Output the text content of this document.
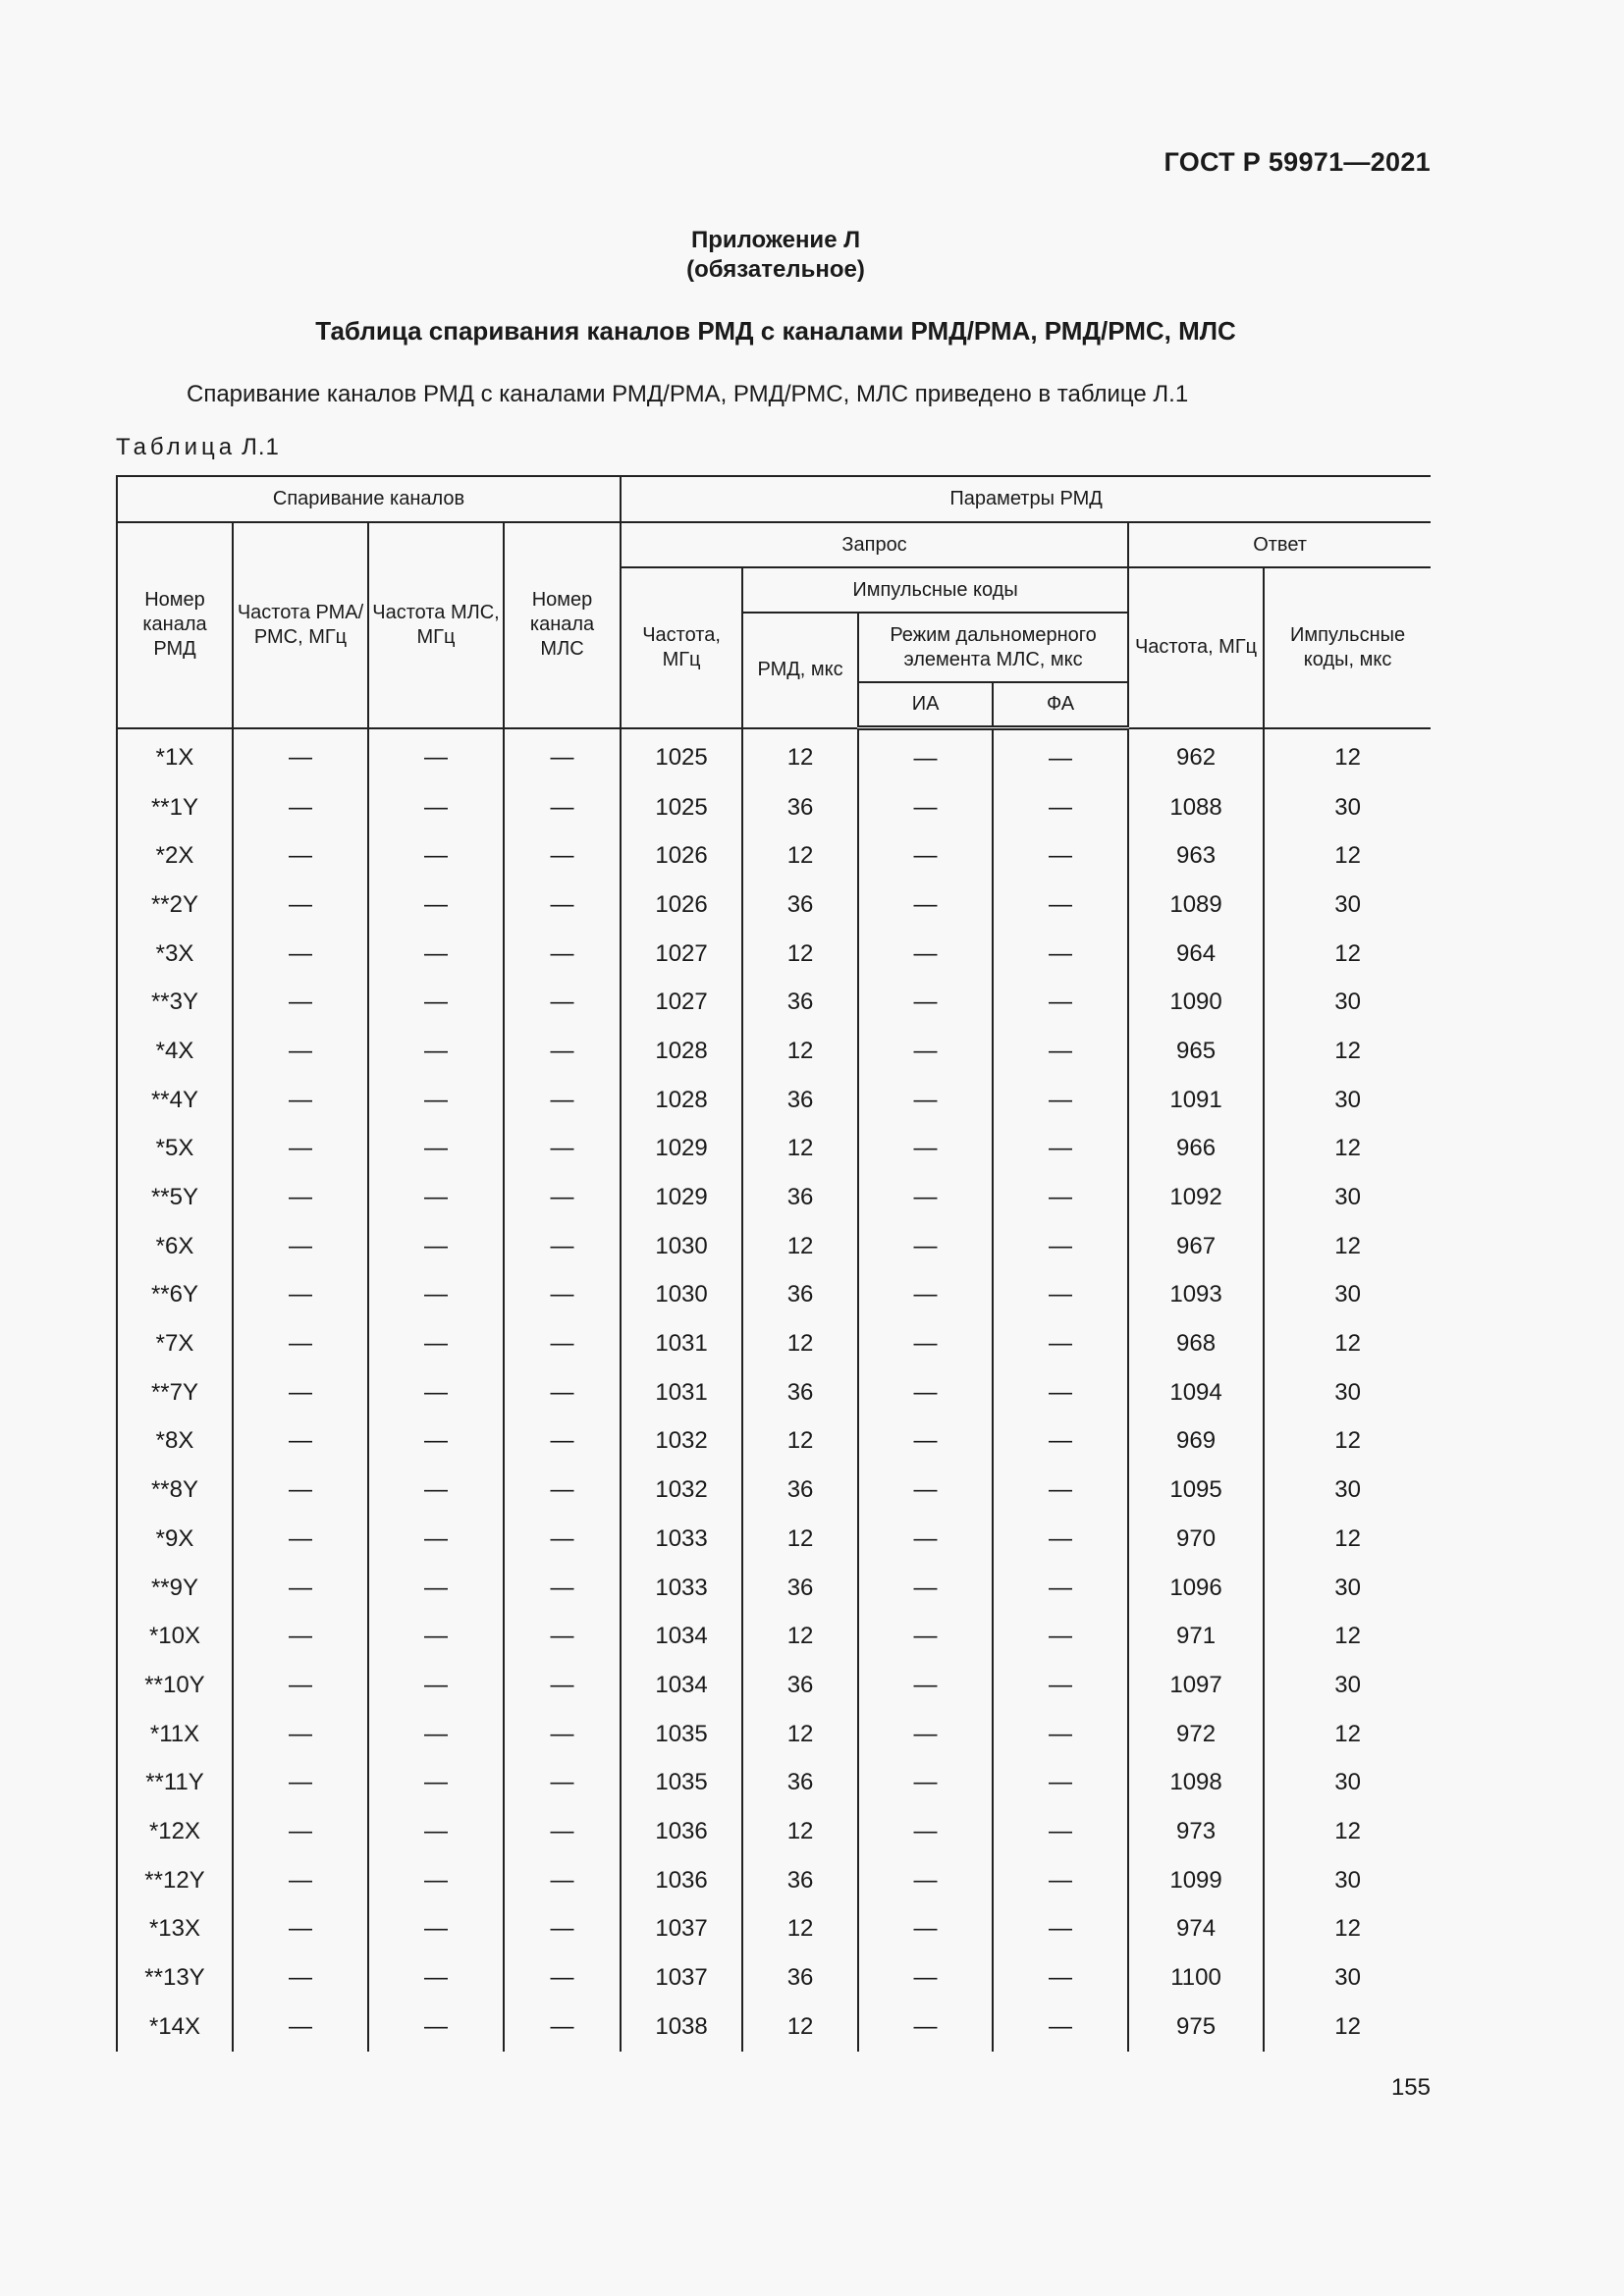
ГОСТ Р 59971—2021
Приложение Л
(обязательное)
Таблица спаривания каналов РМД с каналами РМД/РМА, РМД/РМС, МЛС
Спаривание каналов РМД с каналами РМД/РМА, РМД/РМС, МЛС приведено в таблице Л.1
Таблица Л.1
Спаривание каналов				Параметры РМД					
Номер канала РМД	Частота РМА/ РМС, МГц	Частота МЛС, МГц	Номер канала МЛС	Запрос				Ответ	
				Частота, МГц	Импульсные коды			Частота, МГц	Импульсные коды, мкс
					РМД, мкс	Режим дальномерного элемента МЛС, мкс			
						ИА	ФА		
*1X	—	—	—	1025	12	—	—	962	12
**1Y	—	—	—	1025	36	—	—	1088	30
*2X	—	—	—	1026	12	—	—	963	12
**2Y	—	—	—	1026	36	—	—	1089	30
*3X	—	—	—	1027	12	—	—	964	12
**3Y	—	—	—	1027	36	—	—	1090	30
*4X	—	—	—	1028	12	—	—	965	12
**4Y	—	—	—	1028	36	—	—	1091	30
*5X	—	—	—	1029	12	—	—	966	12
**5Y	—	—	—	1029	36	—	—	1092	30
*6X	—	—	—	1030	12	—	—	967	12
**6Y	—	—	—	1030	36	—	—	1093	30
*7X	—	—	—	1031	12	—	—	968	12
**7Y	—	—	—	1031	36	—	—	1094	30
*8X	—	—	—	1032	12	—	—	969	12
**8Y	—	—	—	1032	36	—	—	1095	30
*9X	—	—	—	1033	12	—	—	970	12
**9Y	—	—	—	1033	36	—	—	1096	30
*10X	—	—	—	1034	12	—	—	971	12
**10Y	—	—	—	1034	36	—	—	1097	30
*11X	—	—	—	1035	12	—	—	972	12
**11Y	—	—	—	1035	36	—	—	1098	30
*12X	—	—	—	1036	12	—	—	973	12
**12Y	—	—	—	1036	36	—	—	1099	30
*13X	—	—	—	1037	12	—	—	974	12
**13Y	—	—	—	1037	36	—	—	1100	30
*14X	—	—	—	1038	12	—	—	975	12
155
